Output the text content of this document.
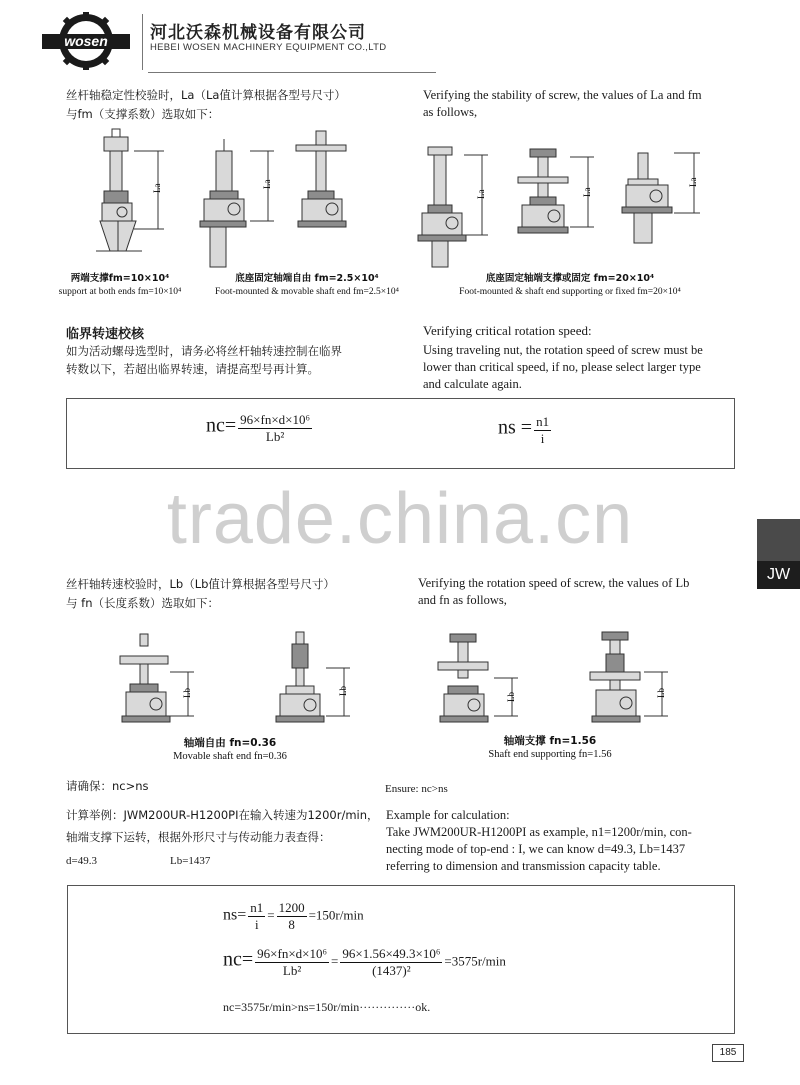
wosen 河北沃森机械设备有限公司
HEBEI WOSEN MACHINERY EQUIPMENT CO.,LTD
丝杆轴稳定性校验时，La（La值计算根据各型号尺寸）
与fm（支撑系数）选取如下：
Verifying the stability of screw, the values of La and fm
as follows,
La	La
La	La
La
两端支撑fm=10×10⁴
support at both ends fm=10×10⁴
底座固定轴端自由 fm=2.5×10⁴
Foot-mounted & movable shaft end fm=2.5×10⁴
底座固定轴端支撑或固定 fm=20×10⁴
Foot-mounted & shaft end supporting or fixed fm=20×10⁴
临界转速校核
如为活动螺母选型时，请务必将丝杆轴转速控制在临界
转数以下，若超出临界转速，请提高型号再计算。
Verifying critical rotation speed:
Using traveling nut, the rotation speed of screw must be
lower than critical speed, if no, please select larger type
and calculate again.
$nc= \frac{\text{96×fn×d×10⁶}}{\text{Lb²}}$	ns = $\frac{n1}{i}$
trade.china.cn
JW
丝杆轴转速校验时，Lb（Lb值计算根据各型号尺寸）
与 fn（长度系数）选取如下：
Verifying the rotation speed of screw, the values of Lb
and fn as follows,
Lb	Lb
Lb	Lb
轴端自由 fn=0.36
Movable shaft end fn=0.36
轴端支撑 fn=1.56
Shaft end supporting fn=1.56
请确保：nc>ns	Ensure: nc>ns
计算举例：JWM200UR-H1200PI在输入转速为1200r/min，
轴端支撑下运转，根据外形尺寸与传动能力表查得：
d=49.3	Lb=1437
Example for calculation:
Take JWM200UR-H1200PI as example, n1=1200r/min, con-
necting mode of top-end : I, we can know d=49.3, Lb=1437
referring to dimension and transmission capacity table.
$ns= \frac{n1}{i} = \frac{1200}{8} =150r/\min$
$nc= \frac{\text{96×fn×d×10⁶}}{\text{Lb²}} = \frac{\text{96×1.56×49.3×10⁶}}{\text{(1437)²}} =3575r/\min$
nc=3575r/min>ns=150r/min··············ok.
185
